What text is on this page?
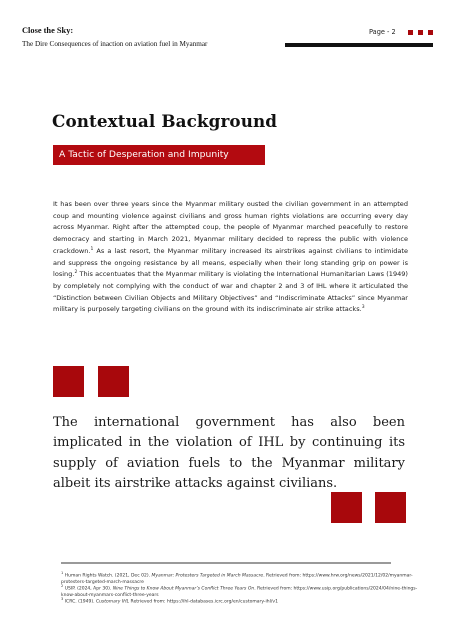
Close the Sky:
The Dire Consequences of inaction on aviation fuel in Myanmar
Page - 2
Contextual Background
A Tactic of Desperation and Impunity

It has been over three years since the Myanmar military ousted the civilian government in an attempted coup and mounting violence against civilians and gross human rights violations are occurring every day across Myanmar. Right after the attempted coup, the people of Myanmar marched peacefully to restore democracy and starting in March 2021, Myanmar military decided to repress the public with violence crackdown.$^1$ As a last resort, the Myanmar military increased its airstrikes against civilians to intimidate and suppress the ongoing resistance by all means, especially when their long standing grip on power is losing.$^2$ This accentuates that the Myanmar military is violating the International Humanitarian Laws (1949) by completely not complying with the conduct of war and chapter 2 and 3 of IHL where it articulated the “Distinction between Civilian Objects and Military Objectives” and “Indiscriminate Attacks” since Myanmar military is purposely targeting civilians on the ground with its indiscriminate air strike attacks.$^3$

The international government has also been implicated in the violation of IHL by continuing its supply of aviation fuels to the Myanmar military albeit its airstrike attacks against civilians.

$^1$ Human Rights Watch. (2021, Dec 02). Myanmar: Protesters Targeted in March Massacre. Retrieved from: https://www.hrw.org/news/2021/12/02/myanmar-protesters-targeted-march-massacre
$^2$ USIP. (2024, Apr 30). Nine Things to Know About Myanmar’s Conflict Three Years On. Retrieved from: https://www.usip.org/publications/2024/04/nine-things-know-about-myanmars-conflict-three-years
$^3$ ICRC. (1949). Customary IHL Retrieved from: https://ihl-databases.icrc.org/en/customary-ihl/v1
